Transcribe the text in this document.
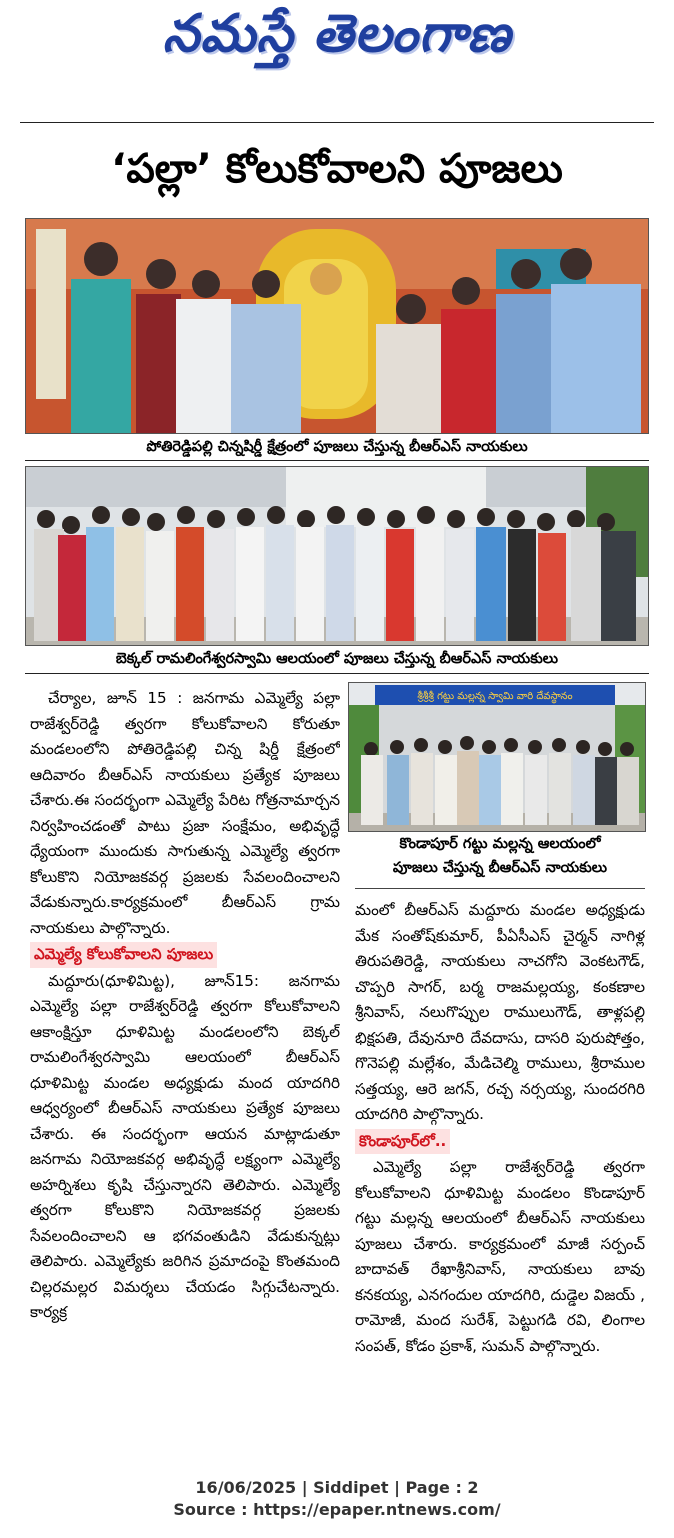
నమస్తే తెలంగాణ
‘పల్లా’ కోలుకోవాలని పూజలు
పోతిరెడ్డిపల్లి చిన్నషిర్డీ క్షేత్రంలో పూజలు చేస్తున్న బీఆర్‌ఎస్‌ నాయకులు
బెక్కల్‌ రామలింగేశ్వరస్వామి ఆలయంలో పూజలు చేస్తున్న బీఆర్‌ఎస్‌ నాయకులు
శ్రీశ్రీశ్రీ గట్టు మల్లన్న స్వామి వారి దేవస్థానం
కొండాపూర్‌ గట్టు మల్లన్న ఆలయంలో
పూజలు చేస్తున్న బీఆర్‌ఎస్‌ నాయకులు

చేర్యాల, జూన్‌ 15 : జనగామ ఎమ్మెల్యే పల్లా రాజేశ్వర్‌రెడ్డి త్వరగా కోలుకోవాలని కోరుతూ మండలంలోని పోతిరెడ్డిపల్లి చిన్న షిర్డీ క్షేత్రంలో ఆదివారం బీఆర్‌ఎస్‌ నాయకులు ప్రత్యేక పూజలు చేశారు.ఈ సందర్భంగా ఎమ్మెల్యే పేరిట గోత్రనామార్చన నిర్వహించడంతో పాటు ప్రజా సంక్షేమం, అభివృద్ధే ధ్యేయంగా ముందుకు సాగుతున్న ఎమ్మెల్యే త్వరగా కోలుకొని నియోజకవర్గ ప్రజలకు సేవలందించాలని వేడుకున్నారు.కార్యక్రమంలో బీఆర్‌ఎస్‌ గ్రామ నాయకులు పాల్గొన్నారు.

ఎమ్మెల్యే కోలుకోవాలని పూజలు

మద్దూరు(ధూళిమిట్ట), జూన్‌15: జనగామ ఎమ్మెల్యే పల్లా రాజేశ్వర్‌రెడ్డి త్వరగా కోలుకోవాలని ఆకాంక్షిస్తూ ధూళిమిట్ట మండలంలోని బెక్కల్‌ రామలింగేశ్వరస్వామి ఆలయంలో బీఆర్‌ఎస్‌ ధూళిమిట్ట మండల అధ్యక్షుడు మంద యాదగిరి ఆధ్వర్యంలో బీఆర్‌ఎస్‌ నాయకులు ప్రత్యేక పూజలు చేశారు. ఈ సందర్భంగా ఆయన మాట్లాడుతూ జనగామ నియోజకవర్గ అభివృద్ధే లక్ష్యంగా ఎమ్మెల్యే అహర్నిశలు కృషి చేస్తున్నారని తెలిపారు. ఎమ్మెల్యే త్వరగా కోలుకొని నియోజకవర్గ ప్రజలకు సేవలందించాలని ఆ భగవంతుడిని వేడుకున్నట్లు తెలిపారు. ఎమ్మెల్యేకు జరిగిన ప్రమాదంపై కొంతమంది చిల్లరమల్లర విమర్శలు చేయడం సిగ్గుచేటన్నారు. కార్యక్ర

మంలో బీఆర్‌ఎస్‌ మద్దూరు మండల అధ్యక్షుడు మేక సంతోష్‌కుమార్‌, పీఏసీఎస్‌ చైర్మన్‌ నాగిళ్ల తిరుపతిరెడ్డి, నాయకులు నాచగోని వెంకటగౌడ్‌, చొప్పరి సాగర్‌, బర్మ రాజమల్లయ్య, కంకణాల శ్రీనివాస్‌, నలుగొప్పుల రాములుగౌడ్‌, తాళ్లపల్లి భిక్షపతి, దేవునూరి దేవదాసు, దాసరి పురుషోత్తం, గొనెపల్లి మల్లేశం, మేడిచెల్మి రాములు, శ్రీరాముల సత్తయ్య, ఆరె జగన్‌, రచ్చ నర్సయ్య, సుందరగిరి యాదగిరి పాల్గొన్నారు.

కొండాపూర్‌లో..

ఎమ్మెల్యే పల్లా రాజేశ్వర్‌రెడ్డి త్వరగా కోలుకోవాలని ధూళిమిట్ట మండలం కొండాపూర్‌ గట్టు మల్లన్న ఆలయంలో బీఆర్‌ఎస్‌ నాయకులు పూజలు చేశారు. కార్యక్రమంలో మాజీ సర్పంచ్‌ బాదావత్‌ రేఖాశ్రీనివాస్‌, నాయకులు బావు కనకయ్య, ఎనగందుల యాదగిరి, దుడ్డెల విజయ్‌ , రామోజీ, మంద సురేశ్‌, పెట్టుగడి రవి, లింగాల సంపత్‌, కోడం ప్రకాశ్‌, సుమన్‌ పాల్గొన్నారు.

16/06/2025 | Siddipet | Page : 2
Source : https://epaper.ntnews.com/
